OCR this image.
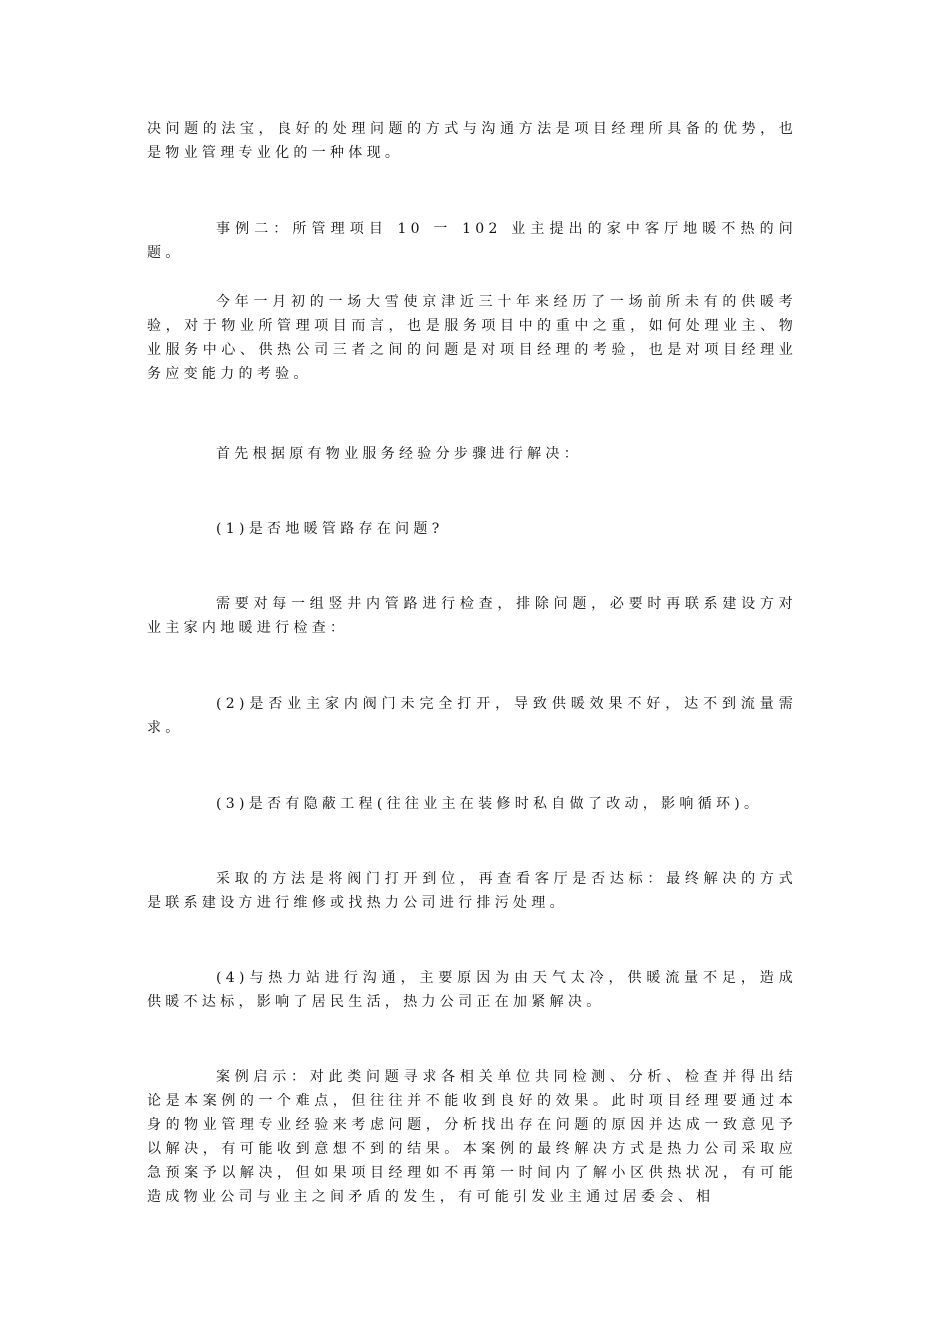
决问题的法宝，良好的处理问题的方式与沟通方法是项目经理所具备的优势，也是物业管理专业化的一种体现。

事例二：所管理项目 10 一 102 业主提出的家中客厅地暖不热的问题。

今年一月初的一场大雪使京津近三十年来经历了一场前所未有的供暖考验，对于物业所管理项目而言，也是服务项目中的重中之重，如何处理业主、物业服务中心、供热公司三者之间的问题是对项目经理的考验，也是对项目经理业务应变能力的考验。

首先根据原有物业服务经验分步骤进行解决：

(1)是否地暖管路存在问题?

需要对每一组竖井内管路进行检查，排除问题，必要时再联系建设方对业主家内地暖进行检查：

(2)是否业主家内阀门未完全打开，导致供暖效果不好，达不到流量需求。

(3)是否有隐蔽工程(往往业主在装修时私自做了改动，影响循环)。

采取的方法是将阀门打开到位，再查看客厅是否达标：最终解决的方式是联系建设方进行维修或找热力公司进行排污处理。

(4)与热力站进行沟通，主要原因为由天气太冷，供暖流量不足，造成供暖不达标，影响了居民生活，热力公司正在加紧解决。

案例启示：对此类问题寻求各相关单位共同检测、分析、检查并得出结论是本案例的一个难点，但往往并不能收到良好的效果。此时项目经理要通过本身的物业管理专业经验来考虑问题，分析找出存在问题的原因并达成一致意见予以解决，有可能收到意想不到的结果。本案例的最终解决方式是热力公司采取应急预案予以解决，但如果项目经理如不再第一时间内了解小区供热状况，有可能造成物业公司与业主之间矛盾的发生，有可能引发业主通过居委会、相
